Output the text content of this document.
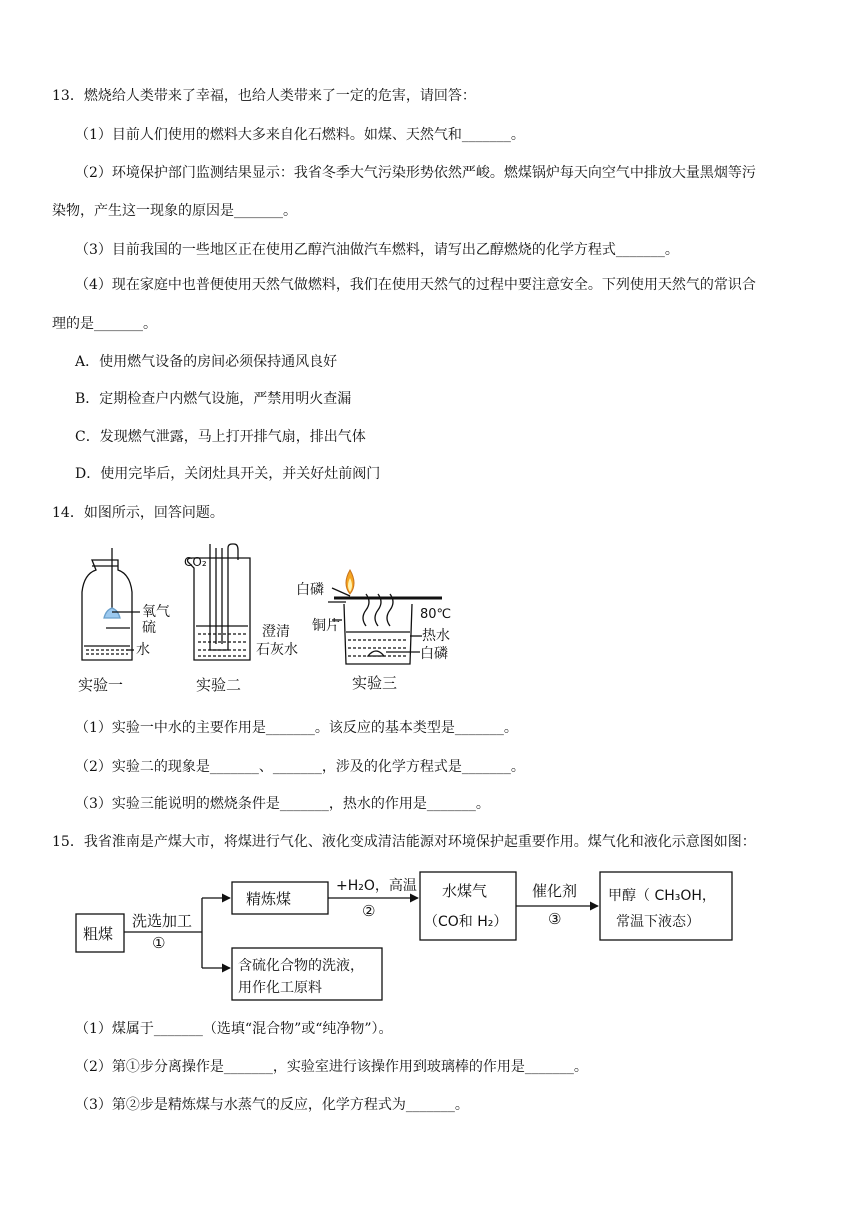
13．燃烧给人类带来了幸福，也给人类带来了一定的危害，请回答：
（1）目前人们使用的燃料大多来自化石燃料。如煤、天然气和_______。
（2）环境保护部门监测结果显示：我省冬季大气污染形势依然严峻。燃煤锅炉每天向空气中排放大量黑烟等污
染物，产生这一现象的原因是_______。
（3）目前我国的一些地区正在使用乙醇汽油做汽车燃料，请写出乙醇燃烧的化学方程式_______。
（4）现在家庭中也普便使用天然气做燃料，我们在使用天然气的过程中要注意安全。下列使用天然气的常识合
理的是_______。
A．使用燃气设备的房间必须保持通风良好
B．定期检查户内燃气设施，严禁用明火查漏
C．发现燃气泄露，马上打开排气扇，排出气体
D．使用完毕后，关闭灶具开关，并关好灶前阀门
14．如图所示，回答问题。
氧气
硫
水
实验一
CO₂
澄清
石灰水
实验二
白磷
铜片
80℃
热水
白磷
实验三
（1）实验一中水的主要作用是_______。该反应的基本类型是_______。
（2）实验二的现象是_______、_______，涉及的化学方程式是_______。
（3）实验三能说明的燃烧条件是_______，热水的作用是_______。
15．我省淮南是产煤大市，将煤进行气化、液化变成清洁能源对环境保护起重要作用。煤气化和液化示意图如图：
粗煤
洗选加工
①
精炼煤
含硫化合物的洗液，
用作化工原料
+H₂O，高温
②
水煤气
（CO和 H₂）
催化剂
③
甲醇（ CH₃OH，
常温下液态）
（1）煤属于_______（选填“混合物”或“纯净物”）。
（2）第①步分离操作是_______，实验室进行该操作用到玻璃棒的作用是_______。
（3）第②步是精炼煤与水蒸气的反应，化学方程式为_______。
